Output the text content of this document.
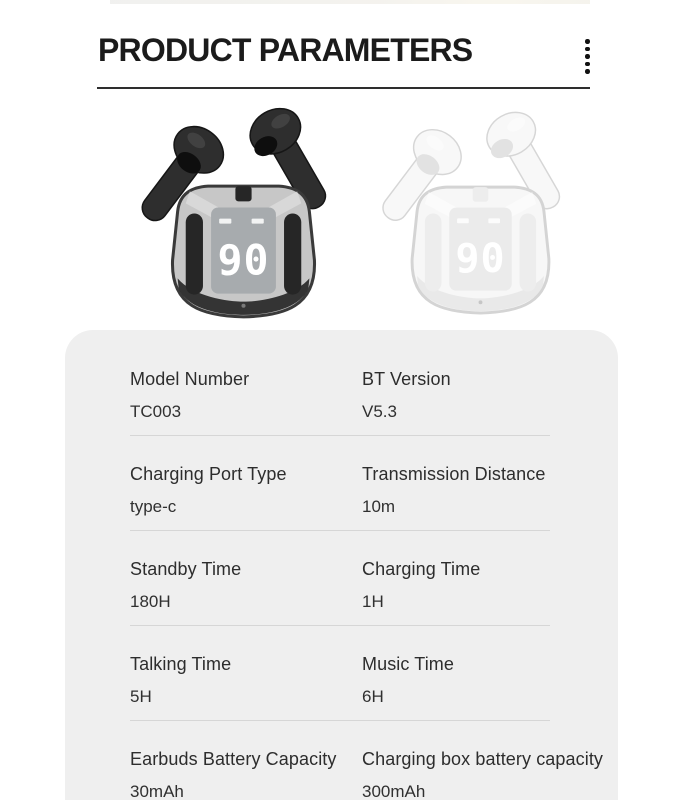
PRODUCT PARAMETERS
90	90
Model Number
TC003
BT Version
V5.3
Charging Port Type
type-c
Transmission Distance
10m
Standby Time
180H
Charging Time
1H
Talking Time
5H
Music Time
6H
Earbuds Battery Capacity
30mAh
Charging box battery capacity
300mAh
